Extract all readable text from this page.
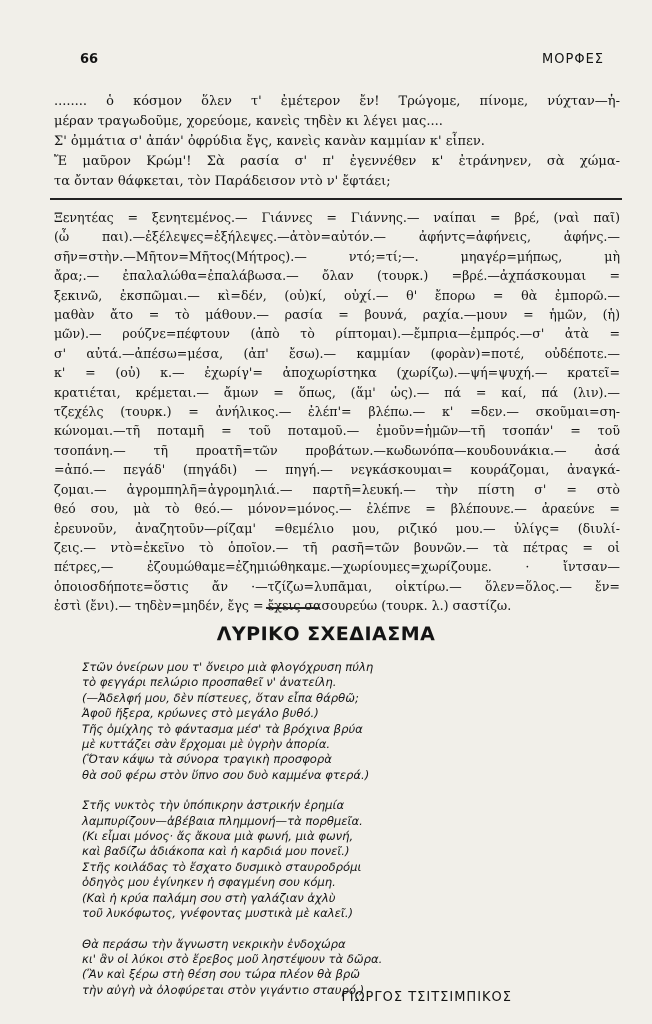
66	ΜΟΡΦΕΣ
........ ὁ κόσμον ὅλεν τ' ἐμέτερον ἔν! Τρώγομε, πίνομε, νύχταν—ἡ-
μέραν τραγωδοῦμε, χορεύομε, κανεὶς τηδὲν κι λέγει μας....
Σ' ὀμμάτια σ' ἀπάν' ὀφρύδια ἔγς, κανεὶς κανὰν καμμίαν κ' εἶπεν.
Ἔ μαῦρον Κρώμ'! Σὰ ρασία σ' π' ἐγεννέθεν κ' ἐτράνηνεν, σὰ χώμα-
τα ὄνταν θάφκεται, τὸν Παράδεισον ντὸ ν' ἔφτάει;
Ξενητέας = ξενητεμένος.— Γιάννες = Γιάννης.— ναίπαι = βρέ, (ναὶ παῖ)
(ὦ παι).—ἐξέλεψες=ἐξήλεψες.—ἀτὸν=αὐτόν.— ἀφήντς=ἀφήνεις, ἀφήνς.—
σῆν=στὴν.—Μῆτον=Μῆτος(Μήτρος).— ντό;=τί;—. μηαγέρ=μήπως, μὴ
ἄρα;.— ἐπαλαλώθα=ἐπαλάβωσα.— ὄλαν (τουρκ.) =βρέ.—ἀχπάσκουμαι =
ξεκινῶ, ἐκσπῶμαι.— κὶ=δέν, (οὐ)κί, οὐχί.— θ' ἔπορω = θὰ ἐμπορῶ.—
μαθὰν ἄτο = τὸ μάθουν.— ρασία = βουνά, ραχία.—μουν = ἡμῶν, (ἡ)
μῶν).— ρούζνε=πέφτουν (ἀπὸ τὸ ρίπτομαι).—ἔμπρια—ἐμπρός.—σ' ἀτὰ =
σ' αὐτά.—ἀπέσω=μέσα, (ἀπ' ἔσω).— καμμίαν (φορὰν)=ποτέ, οὐδέποτε.—
κ' = (οὐ) κ.— ἐχωρίγ'= ἀποχωρίστηκα (χωρίζω).—ψή=ψυχή.— κρατεῖ=
κρατιέται, κρέμεται.— ἄμων = ὅπως, (ἅμ' ὡς).— πά = καί, πά (λιν).—
τζεχέλς (τουρκ.) = ἀνήλικος.— ἐλέπ'= βλέπω.— κ' =δεν.— σκοῦμαι=ση-
κώνομαι.—τῆ ποταμῆ = τοῦ ποταμοῦ.— ἐμοῦν=ἡμῶν—τῆ τσοπάν' = τοῦ
τσοπάνη.— τῆ προατῆ=τῶν προβάτων.—κωδωνόπα—κουδουνάκια.— ἀσά
=ἀπό.— πεγάδ' (πηγάδι) — πηγή.— νεγκάσκουμαι= κουράζομαι, ἀναγκά-
ζομαι.— ἀγρομπηλῆ=ἀγρομηλιά.— παρτῆ=λευκή.— τὴν πίστη σ' = στὸ
θεό σου, μὰ τὸ θεό.— μόνον=μόνος.— ἐλέπνε = βλέπουνε.— ἀραεύνε =
ἐρευνοῦν, ἀναζητοῦν—ρίζαμ' =θεμέλιο μου, ριζικό μου.— ὐλίγς= (διυλί-
ζεις.— ντὸ=ἐκεῖνο τὸ ὁποῖον.— τῆ ρασῆ=τῶν βουνῶν.— τὰ πέτρας = οἱ
πέτρες,— ἐζουμώθαμε=ἐζημιώθηκαμε.—χωρίουμες=χωρίζουμε. · ἴντσαν—
ὁποιοσδήποτε=ὅστις ἄν ·—τζίζω=λυπᾶμαι, οἰκτίρω.— ὅλεν=ὅλος.— ἔν=
ἐστὶ (ἔνι).— τηδὲν=μηδέν, ἔγς = ἔχεις σασουρεύω (τουρκ. λ.) σαστίζω.
ΛΥΡΙΚΟ ΣΧΕΔΙΑΣΜΑ
Στῶν ὀνείρων μου τ' ὄνειρο μιὰ φλογόχρυση πύλη
τὸ φεγγάρι πελώριο προσπαθεῖ ν' ἀνατείλη.
(—Ἀδελφή μου, δὲν πίστευες, ὅταν εἶπα θάρθῶ;
Ἀφοῦ ἤξερα, κρύωνες στὸ μεγάλο βυθό.)
Τῆς ὁμίχλης τὸ φάντασμα μέσ' τὰ βρόχινα βρύα
μὲ κυττάζει σὰν ἔρχομαι μὲ ὑγρὴν ἀπορία.
(Ὅταν κάψω τὰ σύνορα τραγικὴ προσφορὰ
θὰ σοῦ φέρω στὸν ὕπνο σου δυὸ καμμένα φτερά.)
Στῆς νυκτὸς τὴν ὑπόπικρην ἀστρικήν ἐρημία
λαμπυρίζουν—ἀβέβαια πλημμονή—τὰ πορθμεῖα.
(Κι εἶμαι μόνος· ἄς ἄκουα μιὰ φωνή, μιὰ φωνή,
καὶ βαδίζω ἀδιάκοπα καὶ ἡ καρδιά μου πονεῖ.)
Στῆς κοιλάδας τὸ ἔσχατο δυσμικὸ σταυροδρόμι
ὁδηγὸς μου ἐγίνηκεν ἡ σφαγμένη σου κόμη.
(Καὶ ἡ κρύα παλάμη σου στὴ γαλάζιαν ἀχλὺ
τοῦ λυκόφωτος, γνέφοντας μυστικὰ μὲ καλεῖ.)
Θὰ περάσω τὴν ἄγνωστη νεκρικὴν ἐνδοχώρα
κι' ἂν οἱ λύκοι στὸ ἔρεβος μοῦ ληστέψουν τὰ δῶρα.
(Ἂν καὶ ξέρω στὴ θέση σου τώρα πλέον θὰ βρῶ
τὴν αὐγὴ νὰ ὀλοφύρεται στὸν γιγάντιο σταυρό.)
ΓΙΩΡΓΟΣ ΤΣΙΤΣΙΜΠΙΚΟΣ
